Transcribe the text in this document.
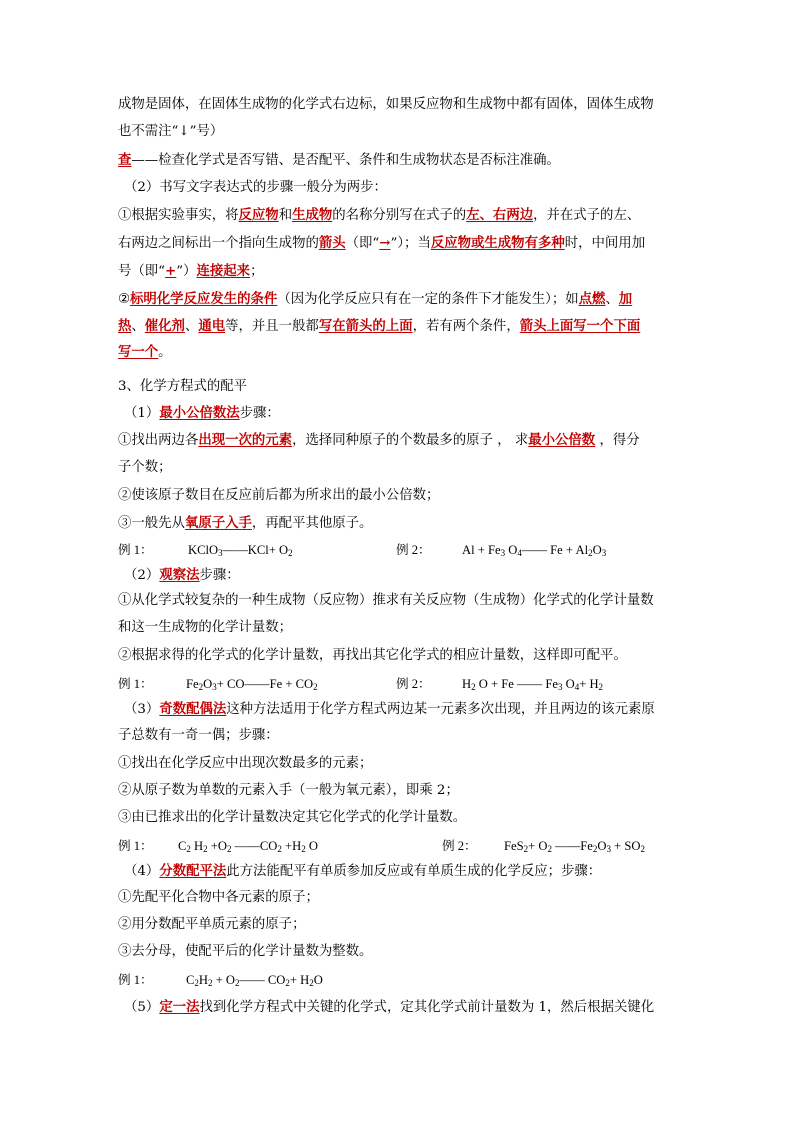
成物是固体，在固体生成物的化学式右边标，如果反应物和生成物中都有固体，固体生成物
也不需注“↓”号）
查——检查化学式是否写错、是否配平、条件和生成物状态是否标注准确。
（2）书写文字表达式的步骤一般分为两步：
①根据实验事实，将反应物和生成物的名称分别写在式子的左、右两边，并在式子的左、
右两边之间标出一个指向生成物的箭头（即“→”）；当反应物或生成物有多种时，中间用加
号（即“+”）连接起来；
②标明化学反应发生的条件（因为化学反应只有在一定的条件下才能发生）；如点燃、加
热、催化剂、通电等，并且一般都写在箭头的上面，若有两个条件，箭头上面写一个下面
写一个。
3、化学方程式的配平
（1）最小公倍数法步骤：
①找出两边各出现一次的元素，选择同种原子的个数最多的原子 ， 求最小公倍数 ，得分
子个数；
②使该原子数目在反应前后都为所求出的最小公倍数；
③一般先从氧原子入手，再配平其他原子。
例 1：	KClO$_3$——KCl+ $O_2$	例 2： $Al + Fe_3$ $O_4——$ $Fe + Al_2O_3$
（2）观察法步骤：
①从化学式较复杂的一种生成物（反应物）推求有关反应物（生成物）化学式的化学计量数
和这一生成物的化学计量数；
②根据求得的化学式的化学计量数，再找出其它化学式的相应计量数，这样即可配平。
例 1：	$Fe_2O_3+$ CO——Fe + $CO_2$	例 2： $H_2$ O + Fe —— $Fe_3$ $O_4+ H_2$
（3）奇数配偶法这种方法适用于化学方程式两边某一元素多次出现，并且两边的该元素原
子总数有一奇一偶；步骤：
①找出在化学反应中出现次数最多的元素；
②从原子数为单数的元素入手（一般为氧元素），即乘 2；
③由已推求出的化学计量数决定其它化学式的化学计量数。
例 1： $C_2$ $H_2 +O_2$ $——CO_2 +H_2$ O	例 2： $FeS_2+ O_2$ $——Fe_2O_3 + SO_2$
（4）分数配平法此方法能配平有单质参加反应或有单质生成的化学反应；步骤：
①先配平化合物中各元素的原子；
②用分数配平单质元素的原子；
③去分母，使配平后的化学计量数为整数。
例 1：	$C_2H_2$ + $O_2——$ $CO_2+ H_2O$
（5）定一法找到化学方程式中关键的化学式，定其化学式前计量数为 1，然后根据关键化
